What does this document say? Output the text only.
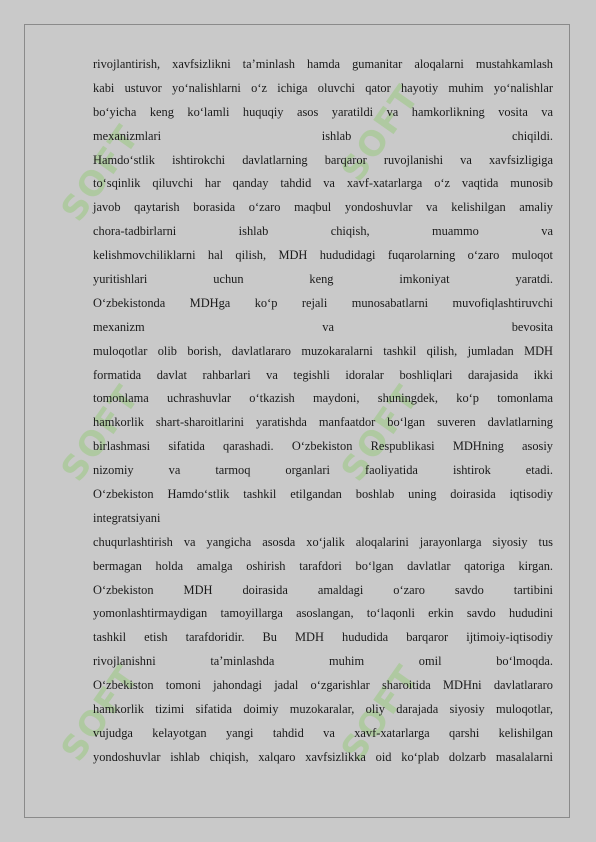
SOFT	SOFT
SOFT	SOFT
SOFT	SOFT
rivojlantirish, xavfsizlikni ta’minlash hamda gumanitar aloqalarni mustahkamlash
kabi ustuvor yo‘nalishlarni o‘z ichiga oluvchi qator hayotiy muhim yo‘nalishlar
bo‘yicha keng ko‘lamli huquqiy asos yaratildi va hamkorlikning vosita va
mexanizmlari ishlab chiqildi.
Hamdo‘stlik ishtirokchi davlatlarning barqaror ruvojlanishi va xavfsizligiga
to‘sqinlik qiluvchi har qanday tahdid va xavf-xatarlarga o‘z vaqtida munosib
javob qaytarish borasida o‘zaro maqbul yondoshuvlar va kelishilgan amaliy
chora-tadbirlarni ishlab chiqish, muammo va
kelishmovchiliklarni hal qilish, MDH hududidagi fuqarolarning o‘zaro muloqot
yuritishlari uchun keng imkoniyat yaratdi.
O‘zbekistonda MDHga ko‘p rejali munosabatlarni muvofiqlashtiruvchi
mexanizm va bevosita
muloqotlar olib borish, davlatlararo muzokaralarni tashkil qilish, jumladan MDH
formatida davlat rahbarlari va tegishli idoralar boshliqlari darajasida ikki
tomonlama uchrashuvlar o‘tkazish maydoni, shuningdek, ko‘p tomonlama
hamkorlik shart-sharoitlarini yaratishda manfaatdor bo‘lgan suveren davlatlarning
birlashmasi sifatida qarashadi. O‘zbekiston Respublikasi MDHning asosiy
nizomiy va tarmoq organlari faoliyatida ishtirok etadi.
O‘zbekiston Hamdo‘stlik tashkil etilgandan boshlab uning doirasida iqtisodiy
integratsiyani
chuqurlashtirish va yangicha asosda xo‘jalik aloqalarini jarayonlarga siyosiy tus
bermagan holda amalga oshirish tarafdori bo‘lgan davlatlar qatoriga kirgan.
O‘zbekiston MDH doirasida amaldagi o‘zaro savdo tartibini
yomonlashtirmaydigan tamoyillarga asoslangan, to‘laqonli erkin savdo hududini
tashkil etish tarafdoridir. Bu MDH hududida barqaror ijtimoiy-iqtisodiy
rivojlanishni ta’minlashda muhim omil bo‘lmoqda.
O‘zbekiston tomoni jahondagi jadal o‘zgarishlar sharoitida MDHni davlatlararo
hamkorlik tizimi sifatida doimiy muzokaralar, oliy darajada siyosiy muloqotlar,
vujudga kelayotgan yangi tahdid va xavf-xatarlarga qarshi kelishilgan
yondoshuvlar ishlab chiqish, xalqaro xavfsizlikka oid ko‘plab dolzarb masalalarni
